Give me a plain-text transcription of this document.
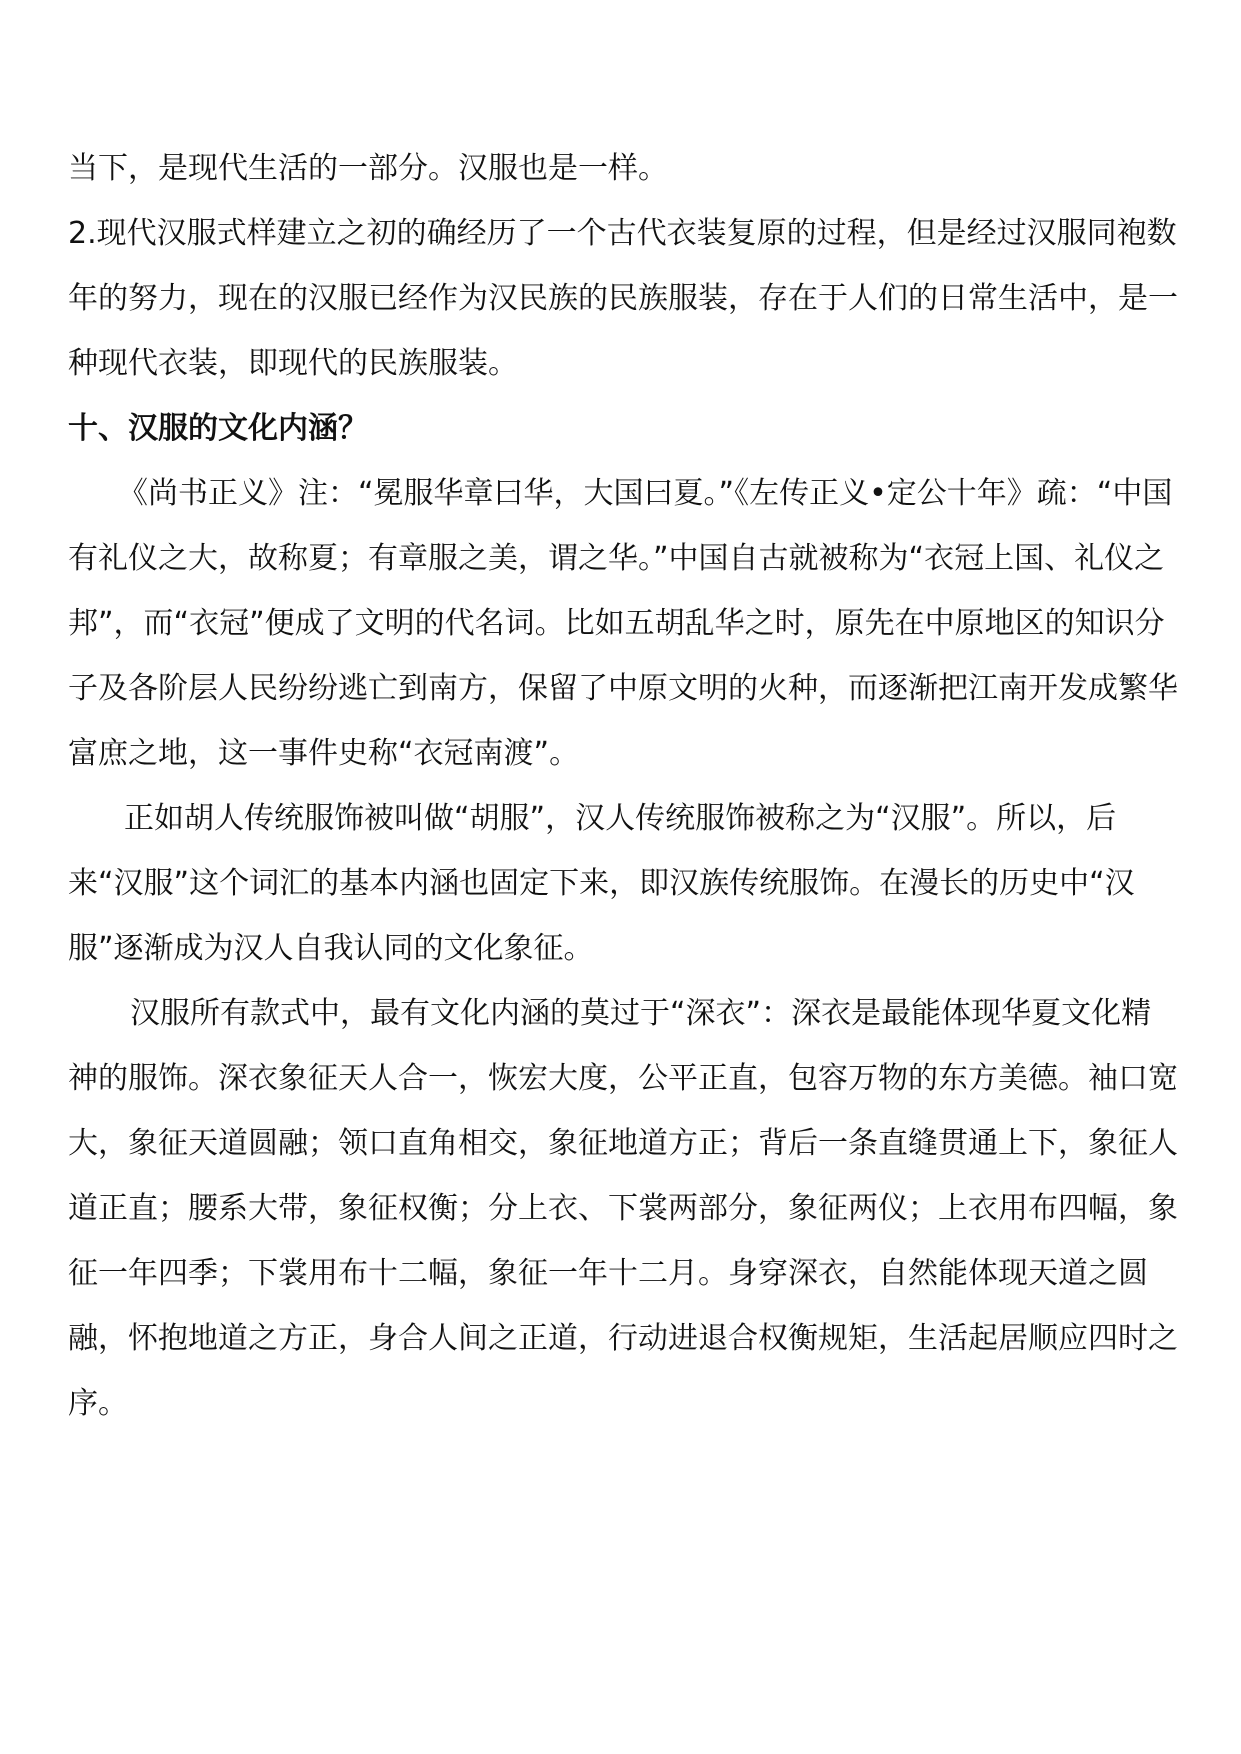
当下，是现代生活的一部分。汉服也是一样。

2.现代汉服式样建立之初的确经历了一个古代衣装复原的过程，但是经过汉服同袍数年的努力，现在的汉服已经作为汉民族的民族服装，存在于人们的日常生活中，是一种现代衣装，即现代的民族服装。

十、汉服的文化内涵？

《尚书正义》注：“冕服华章曰华，大国曰夏。”《左传正义•定公十年》疏：“中国有礼仪之大，故称夏；有章服之美，谓之华。”中国自古就被称为“衣冠上国、礼仪之邦”，而“衣冠”便成了文明的代名词。比如五胡乱华之时，原先在中原地区的知识分子及各阶层人民纷纷逃亡到南方，保留了中原文明的火种，而逐渐把江南开发成繁华富庶之地，这一事件史称“衣冠南渡”。

正如胡人传统服饰被叫做“胡服”，汉人传统服饰被称之为“汉服”。所以，后来“汉服”这个词汇的基本内涵也固定下来，即汉族传统服饰。在漫长的历史中“汉服”逐渐成为汉人自我认同的文化象征。

汉服所有款式中，最有文化内涵的莫过于“深衣”：深衣是最能体现华夏文化精神的服饰。深衣象征天人合一，恢宏大度，公平正直，包容万物的东方美德。袖口宽大，象征天道圆融；领口直角相交，象征地道方正；背后一条直缝贯通上下，象征人道正直；腰系大带，象征权衡；分上衣、下裳两部分，象征两仪；上衣用布四幅，象征一年四季；下裳用布十二幅，象征一年十二月。身穿深衣，自然能体现天道之圆融，怀抱地道之方正，身合人间之正道，行动进退合权衡规矩，生活起居顺应四时之序。
